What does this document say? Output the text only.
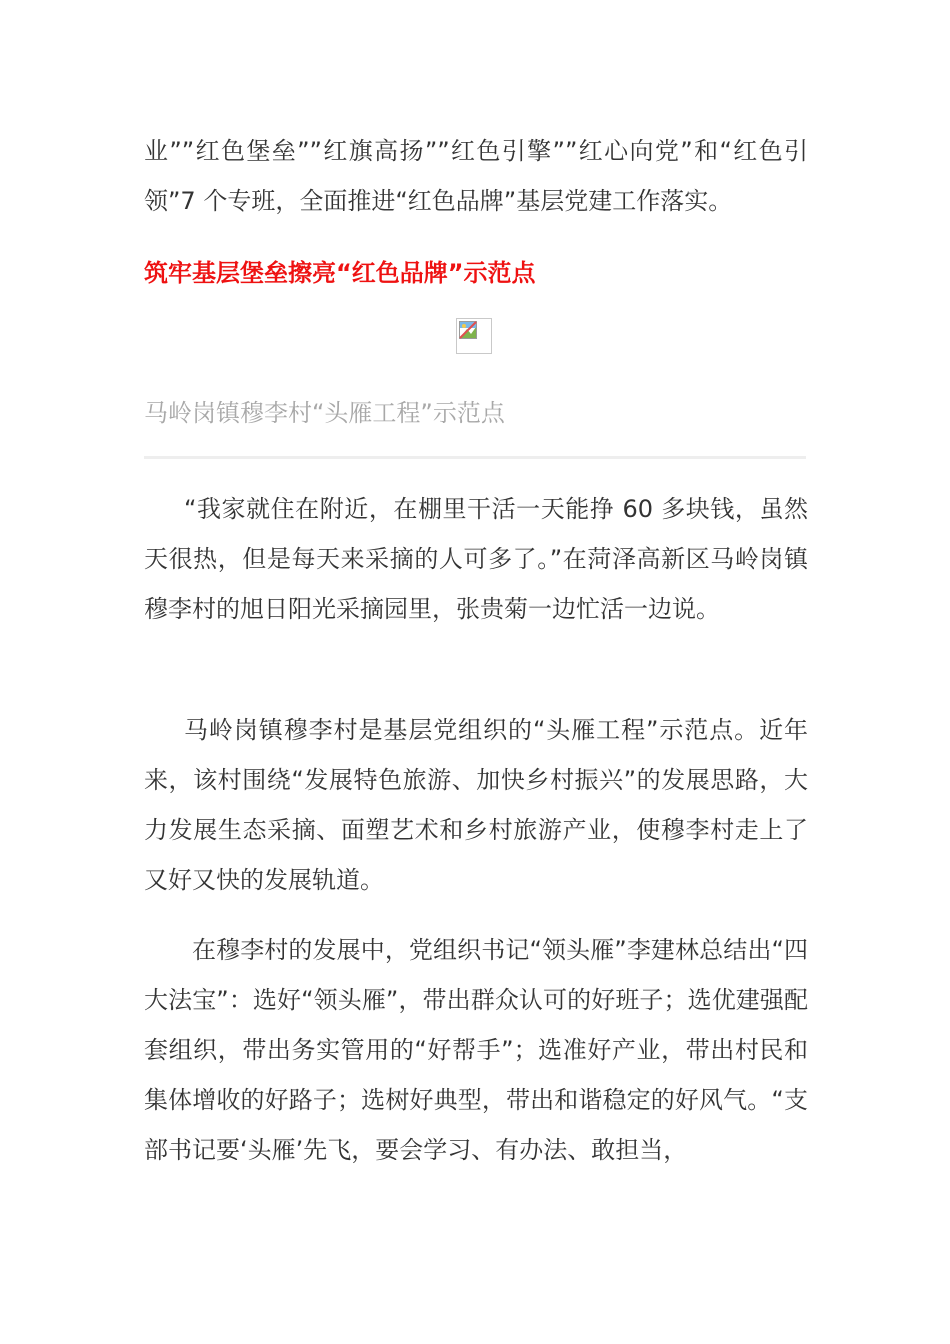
业””红色堡垒””红旗高扬””红色引擎””红心向党”和“红色引领”7 个专班，全面推进“红色品牌”基层党建工作落实。

筑牢基层堡垒擦亮“红色品牌”示范点

马岭岗镇穆李村“头雁工程”示范点

“我家就住在附近，在棚里干活一天能挣 60 多块钱，虽然天很热，但是每天来采摘的人可多了。”在菏泽高新区马岭岗镇穆李村的旭日阳光采摘园里，张贵菊一边忙活一边说。

马岭岗镇穆李村是基层党组织的“头雁工程”示范点。近年来，该村围绕“发展特色旅游、加快乡村振兴”的发展思路，大力发展生态采摘、面塑艺术和乡村旅游产业，使穆李村走上了又好又快的发展轨道。

在穆李村的发展中，党组织书记“领头雁”李建林总结出“四大法宝”：选好“领头雁”，带出群众认可的好班子；选优建强配套组织，带出务实管用的“好帮手”；选准好产业，带出村民和集体增收的好路子；选树好典型，带出和谐稳定的好风气。“支部书记要‘头雁’先飞，要会学习、有办法、敢担当，
